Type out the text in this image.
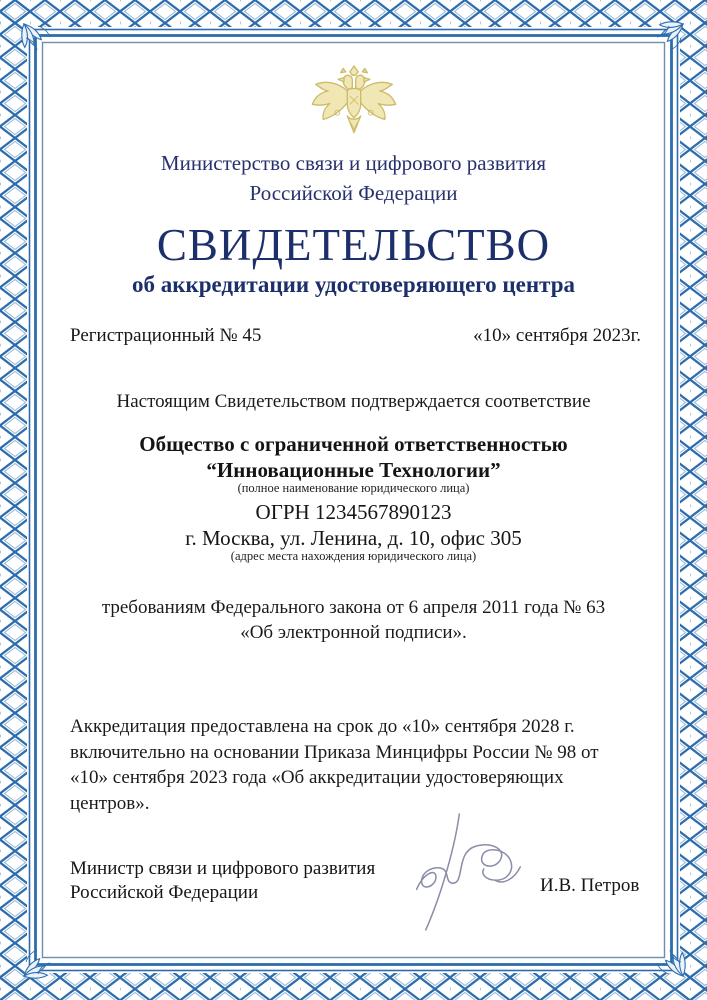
Министерство связи и цифрового развития
Российской Федерации
СВИДЕТЕЛЬСТВО
об аккредитации удостоверяющего центра
Регистрационный № 45	«10» сентября 2023г.
Настоящим Свидетельством подтверждается соответствие
Общество с ограниченной ответственностью
“Инновационные Технологии”
(полное наименование юридического лица)
ОГРН 1234567890123
г. Москва, ул. Ленина, д. 10, офис 305
(адрес места нахождения юридического лица)
требованиям Федерального закона от 6 апреля 2011 года № 63
«Об электронной подписи».
Аккредитация предоставлена на срок до «10» сентября 2028 г.
включительно на основании Приказа Минцифры России № 98 от
«10» сентября 2023 года «Об аккредитации удостоверяющих центров».
Министр связи и цифрового развития
Российской Федерации	И.В. Петров
